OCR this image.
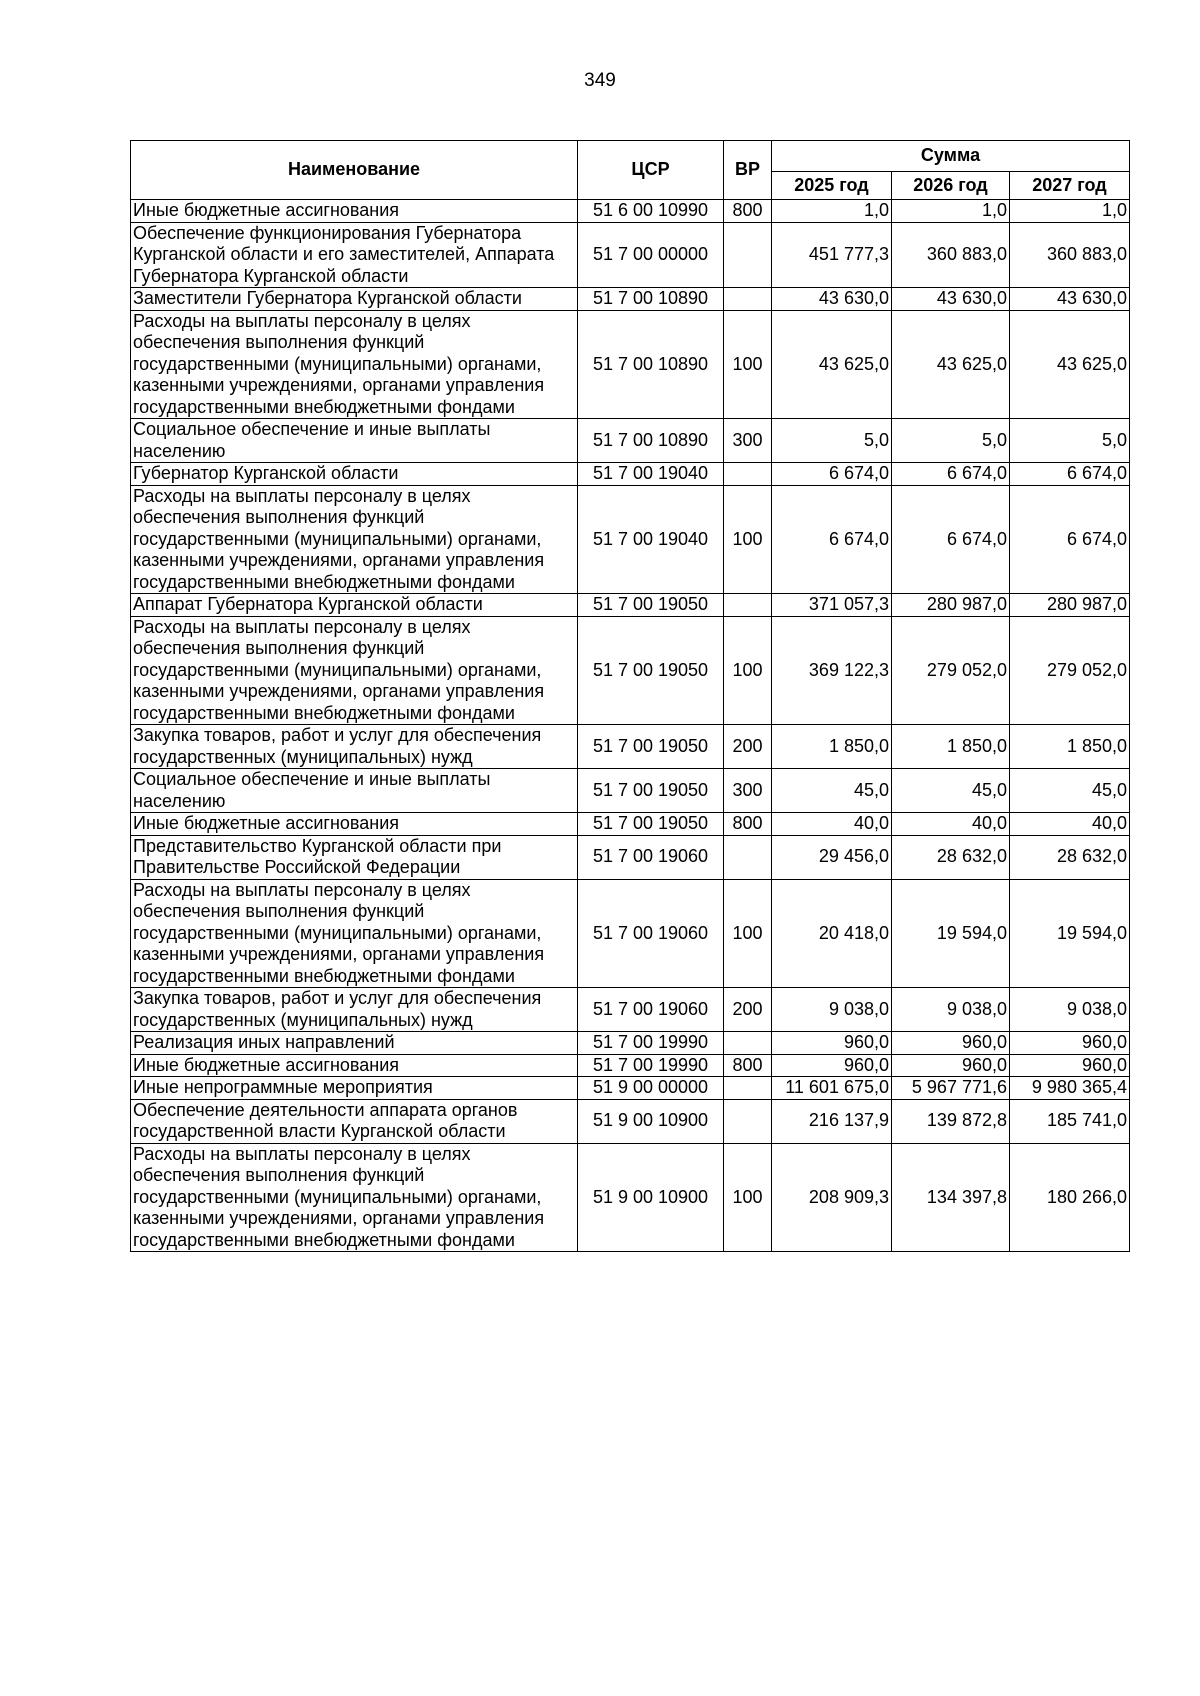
349
Наименование	ЦСР	ВР	Сумма		
			2025 год	2026 год	2027 год
Иные бюджетные ассигнования	51 6 00 10990	800	1,0	1,0	1,0
Обеспечение функционирования Губернатора Курганской области и его заместителей, Аппарата Губернатора Курганской области	51 7 00 00000		451 777,3	360 883,0	360 883,0
Заместители Губернатора Курганской области	51 7 00 10890		43 630,0	43 630,0	43 630,0
Расходы на выплаты персоналу в целях обеспечения выполнения функций государственными (муниципальными) органами, казенными учреждениями, органами управления государственными внебюджетными фондами	51 7 00 10890	100	43 625,0	43 625,0	43 625,0
Социальное обеспечение и иные выплаты населению	51 7 00 10890	300	5,0	5,0	5,0
Губернатор Курганской области	51 7 00 19040		6 674,0	6 674,0	6 674,0
Расходы на выплаты персоналу в целях обеспечения выполнения функций государственными (муниципальными) органами, казенными учреждениями, органами управления государственными внебюджетными фондами	51 7 00 19040	100	6 674,0	6 674,0	6 674,0
Аппарат Губернатора Курганской области	51 7 00 19050		371 057,3	280 987,0	280 987,0
Расходы на выплаты персоналу в целях обеспечения выполнения функций государственными (муниципальными) органами, казенными учреждениями, органами управления государственными внебюджетными фондами	51 7 00 19050	100	369 122,3	279 052,0	279 052,0
Закупка товаров, работ и услуг для обеспечения государственных (муниципальных) нужд	51 7 00 19050	200	1 850,0	1 850,0	1 850,0
Социальное обеспечение и иные выплаты населению	51 7 00 19050	300	45,0	45,0	45,0
Иные бюджетные ассигнования	51 7 00 19050	800	40,0	40,0	40,0
Представительство Курганской области при Правительстве Российской Федерации	51 7 00 19060		29 456,0	28 632,0	28 632,0
Расходы на выплаты персоналу в целях обеспечения выполнения функций государственными (муниципальными) органами, казенными учреждениями, органами управления государственными внебюджетными фондами	51 7 00 19060	100	20 418,0	19 594,0	19 594,0
Закупка товаров, работ и услуг для обеспечения государственных (муниципальных) нужд	51 7 00 19060	200	9 038,0	9 038,0	9 038,0
Реализация иных направлений	51 7 00 19990		960,0	960,0	960,0
Иные бюджетные ассигнования	51 7 00 19990	800	960,0	960,0	960,0
Иные непрограммные мероприятия	51 9 00 00000		11 601 675,0	5 967 771,6	9 980 365,4
Обеспечение деятельности аппарата органов государственной власти Курганской области	51 9 00 10900		216 137,9	139 872,8	185 741,0
Расходы на выплаты персоналу в целях обеспечения выполнения функций государственными (муниципальными) органами, казенными учреждениями, органами управления государственными внебюджетными фондами	51 9 00 10900	100	208 909,3	134 397,8	180 266,0
